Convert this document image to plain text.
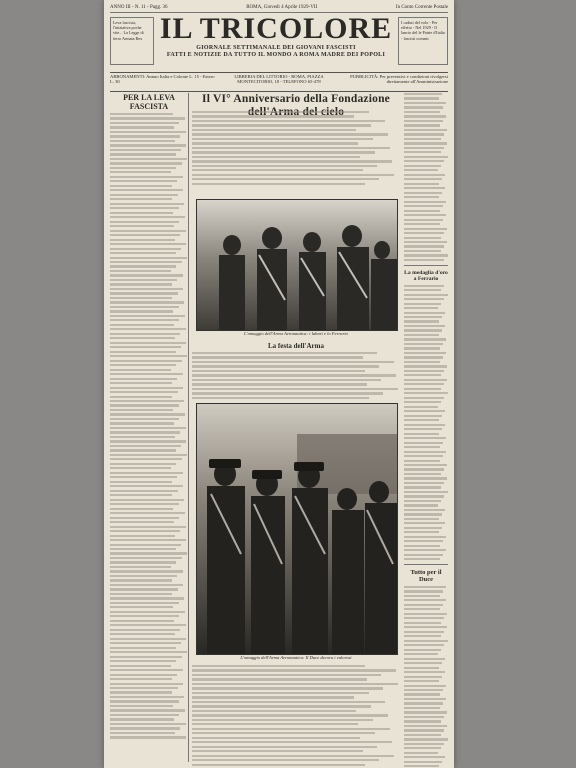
ANNO III - N. 11 - Pagg. 36	ROMA, Giovedì 4 Aprile 1929-VII	In Conto Corrente Postale
Leva fascista, l'iniziativa poche vite... La Legge di ferro Armata Rex IL TRICOLORE
GIORNALE SETTIMANALE DEI GIOVANI FASCISTI
FATTI E NOTIZIE DA TUTTO IL MONDO A ROMA MADRE DEI POPOLI
I caduti del volo - Per effetto - Nel 1929 - Il lancio del le Patrie d'Italia - fascisti oceanic
ABBONAMENTI: Annuo Italia e Colonie L. 15 - Estero L. 30
LIBRERIA DEL LITTORIO - ROMA, PIAZZA MONTECITORIO, 18 - TELEFONO 65-478
PUBBLICITÀ: Per preventivi e condizioni rivolgersi direttamente all'Amministrazione
PER LA LEVA FASCISTA
Il VI° Anniversario della Fondazione
L'omaggio dell'Arma Aeronautica: i labari e lo Ferrario
La festa dell'Arma
L'omaggio dell'Arma Aeronautica: Il Duce decora i valorosi
La medaglia d'oro a Ferrario
Tutto per il Duce
